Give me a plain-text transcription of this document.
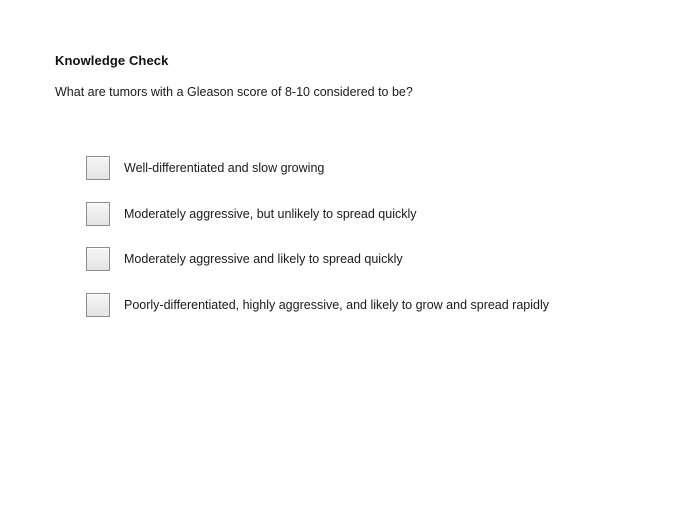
Knowledge Check
What are tumors with a Gleason score of 8-10 considered to be?
Well-differentiated and slow growing
Moderately aggressive, but unlikely to spread quickly
Moderately aggressive and likely to spread quickly
Poorly-differentiated, highly aggressive, and likely to grow and spread rapidly
